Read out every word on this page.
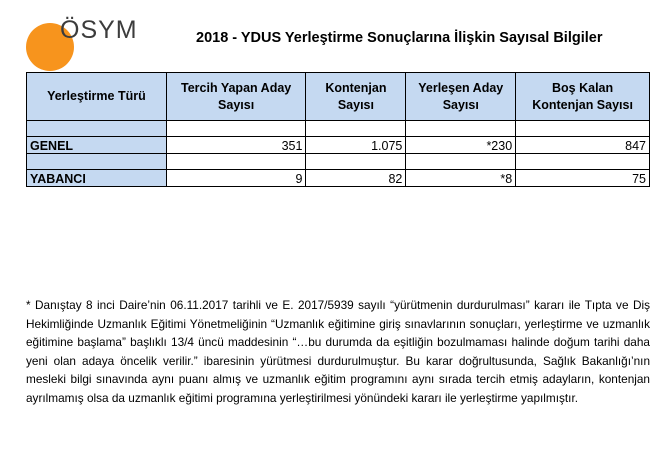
ÖSYM	2018 - YDUS Yerleştirme Sonuçlarına İlişkin Sayısal Bilgiler
Yerleştirme Türü	Tercih Yapan Aday Sayısı	Kontenjan Sayısı	Yerleşen Aday Sayısı	Boş Kalan Kontenjan Sayısı

GENEL	351	1.075	*230	847

YABANCI	9	82	*8	75

* Danıştay 8 inci Daire’nin 06.11.2017 tarihli ve E. 2017/5939 sayılı “yürütmenin durdurulması” kararı ile Tıpta ve Diş Hekimliğinde Uzmanlık Eğitimi Yönetmeliğinin “Uzmanlık eğitimine giriş sınavlarının sonuçları, yerleştirme ve uzmanlık eğitimine başlama” başlıklı 13/4 üncü maddesinin “…bu durumda da eşitliğin bozulmaması halinde doğum tarihi daha yeni olan adaya öncelik verilir.” ibaresinin yürütmesi durdurulmuştur. Bu karar doğrultusunda, Sağlık Bakanlığı’nın mesleki bilgi sınavında aynı puanı almış ve uzmanlık eğitim programını aynı sırada tercih etmiş adayların, kontenjan ayrılmamış olsa da uzmanlık eğitimi programına yerleştirilmesi yönündeki kararı ile yerleştirme yapılmıştır.
